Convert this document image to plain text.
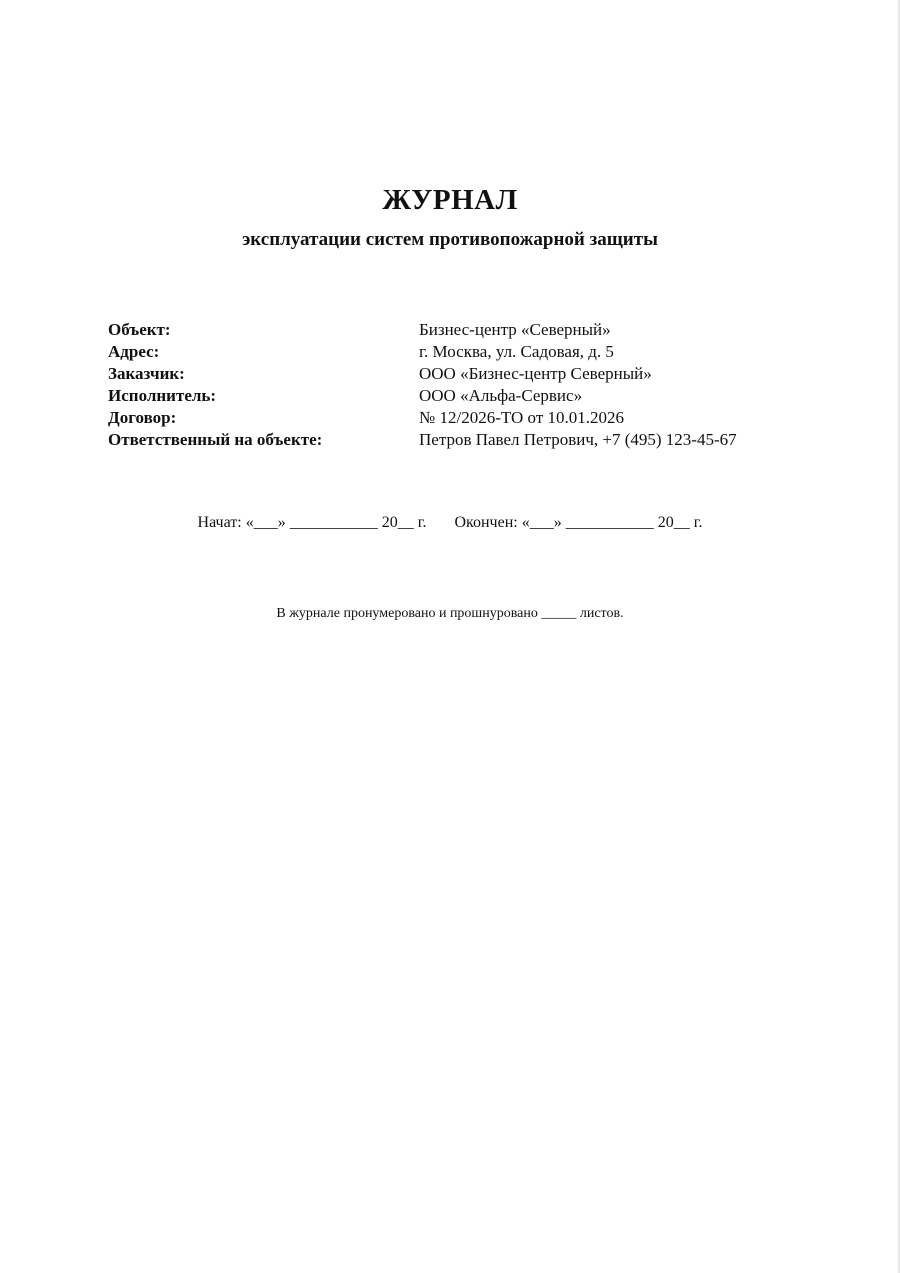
ЖУРНАЛ
эксплуатации систем противопожарной защиты
Объект:	Бизнес-центр «Северный»
Адрес:	г. Москва, ул. Садовая, д. 5
Заказчик:	ООО «Бизнес-центр Северный»
Исполнитель:	ООО «Альфа-Сервис»
Договор:	№ 12/2026-ТО от 10.01.2026
Ответственный на объекте:	Петров Павел Петрович, +7 (495) 123-45-67
Начат: «___» ___________ 20__ г. Окончен: «___» ___________ 20__ г.
В журнале пронумеровано и прошнуровано _____ листов.
